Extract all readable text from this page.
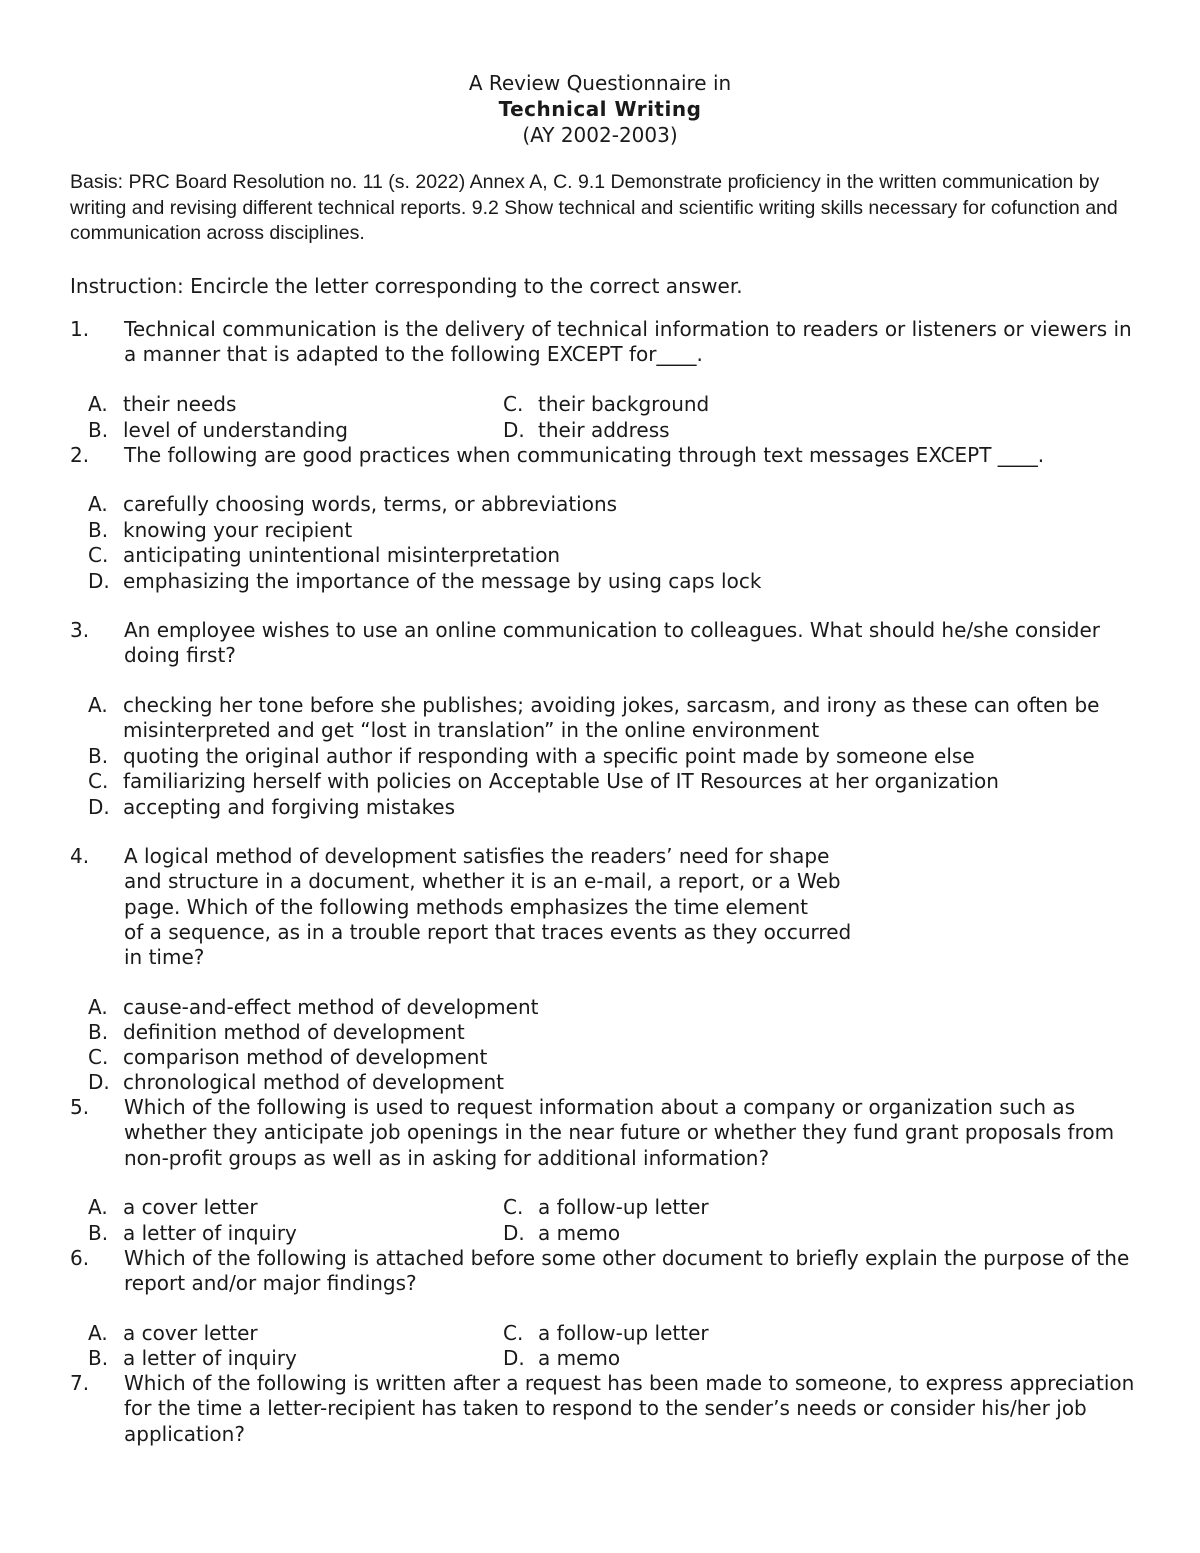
A Review Questionnaire in
Technical Writing
(AY 2002-2003)
Basis: PRC Board Resolution no. 11 (s. 2022) Annex A, C. 9.1 Demonstrate proficiency in the written communication by writing and revising different technical reports. 9.2 Show technical and scientific writing skills necessary for cofunction and communication across disciplines.
Instruction: Encircle the letter corresponding to the correct answer.
1. Technical communication is the delivery of technical information to readers or listeners or viewers in a manner that is adapted to the following EXCEPT for____.
A. their needs
B. level of understanding
C. their background
D. their address
2. The following are good practices when communicating through text messages EXCEPT ____.
A. carefully choosing words, terms, or abbreviations
B. knowing your recipient
C. anticipating unintentional misinterpretation
D. emphasizing the importance of the message by using caps lock
3. An employee wishes to use an online communication to colleagues. What should he/she consider doing first?
A. checking her tone before she publishes; avoiding jokes, sarcasm, and irony as these can often be misinterpreted and get “lost in translation” in the online environment
B. quoting the original author if responding with a specific point made by someone else
C. familiarizing herself with policies on Acceptable Use of IT Resources at her organization
D. accepting and forgiving mistakes
4. A logical method of development satisfies the readers’ need for shape
and structure in a document, whether it is an e-mail, a report, or a Web
page. Which of the following methods emphasizes the time element
of a sequence, as in a trouble report that traces events as they occurred
in time?
A. cause-and-effect method of development
B. definition method of development
C. comparison method of development
D. chronological method of development
5. Which of the following is used to request information about a company or organization such as whether they anticipate job openings in the near future or whether they fund grant proposals from non-profit groups as well as in asking for additional information?
A. a cover letter
B. a letter of inquiry
C. a follow-up letter
D. a memo
6. Which of the following is attached before some other document to briefly explain the purpose of the report and/or major findings?
A. a cover letter
B. a letter of inquiry
C. a follow-up letter
D. a memo
7. Which of the following is written after a request has been made to someone, to express appreciation for the time a letter-recipient has taken to respond to the sender’s needs or consider his/her job application?
